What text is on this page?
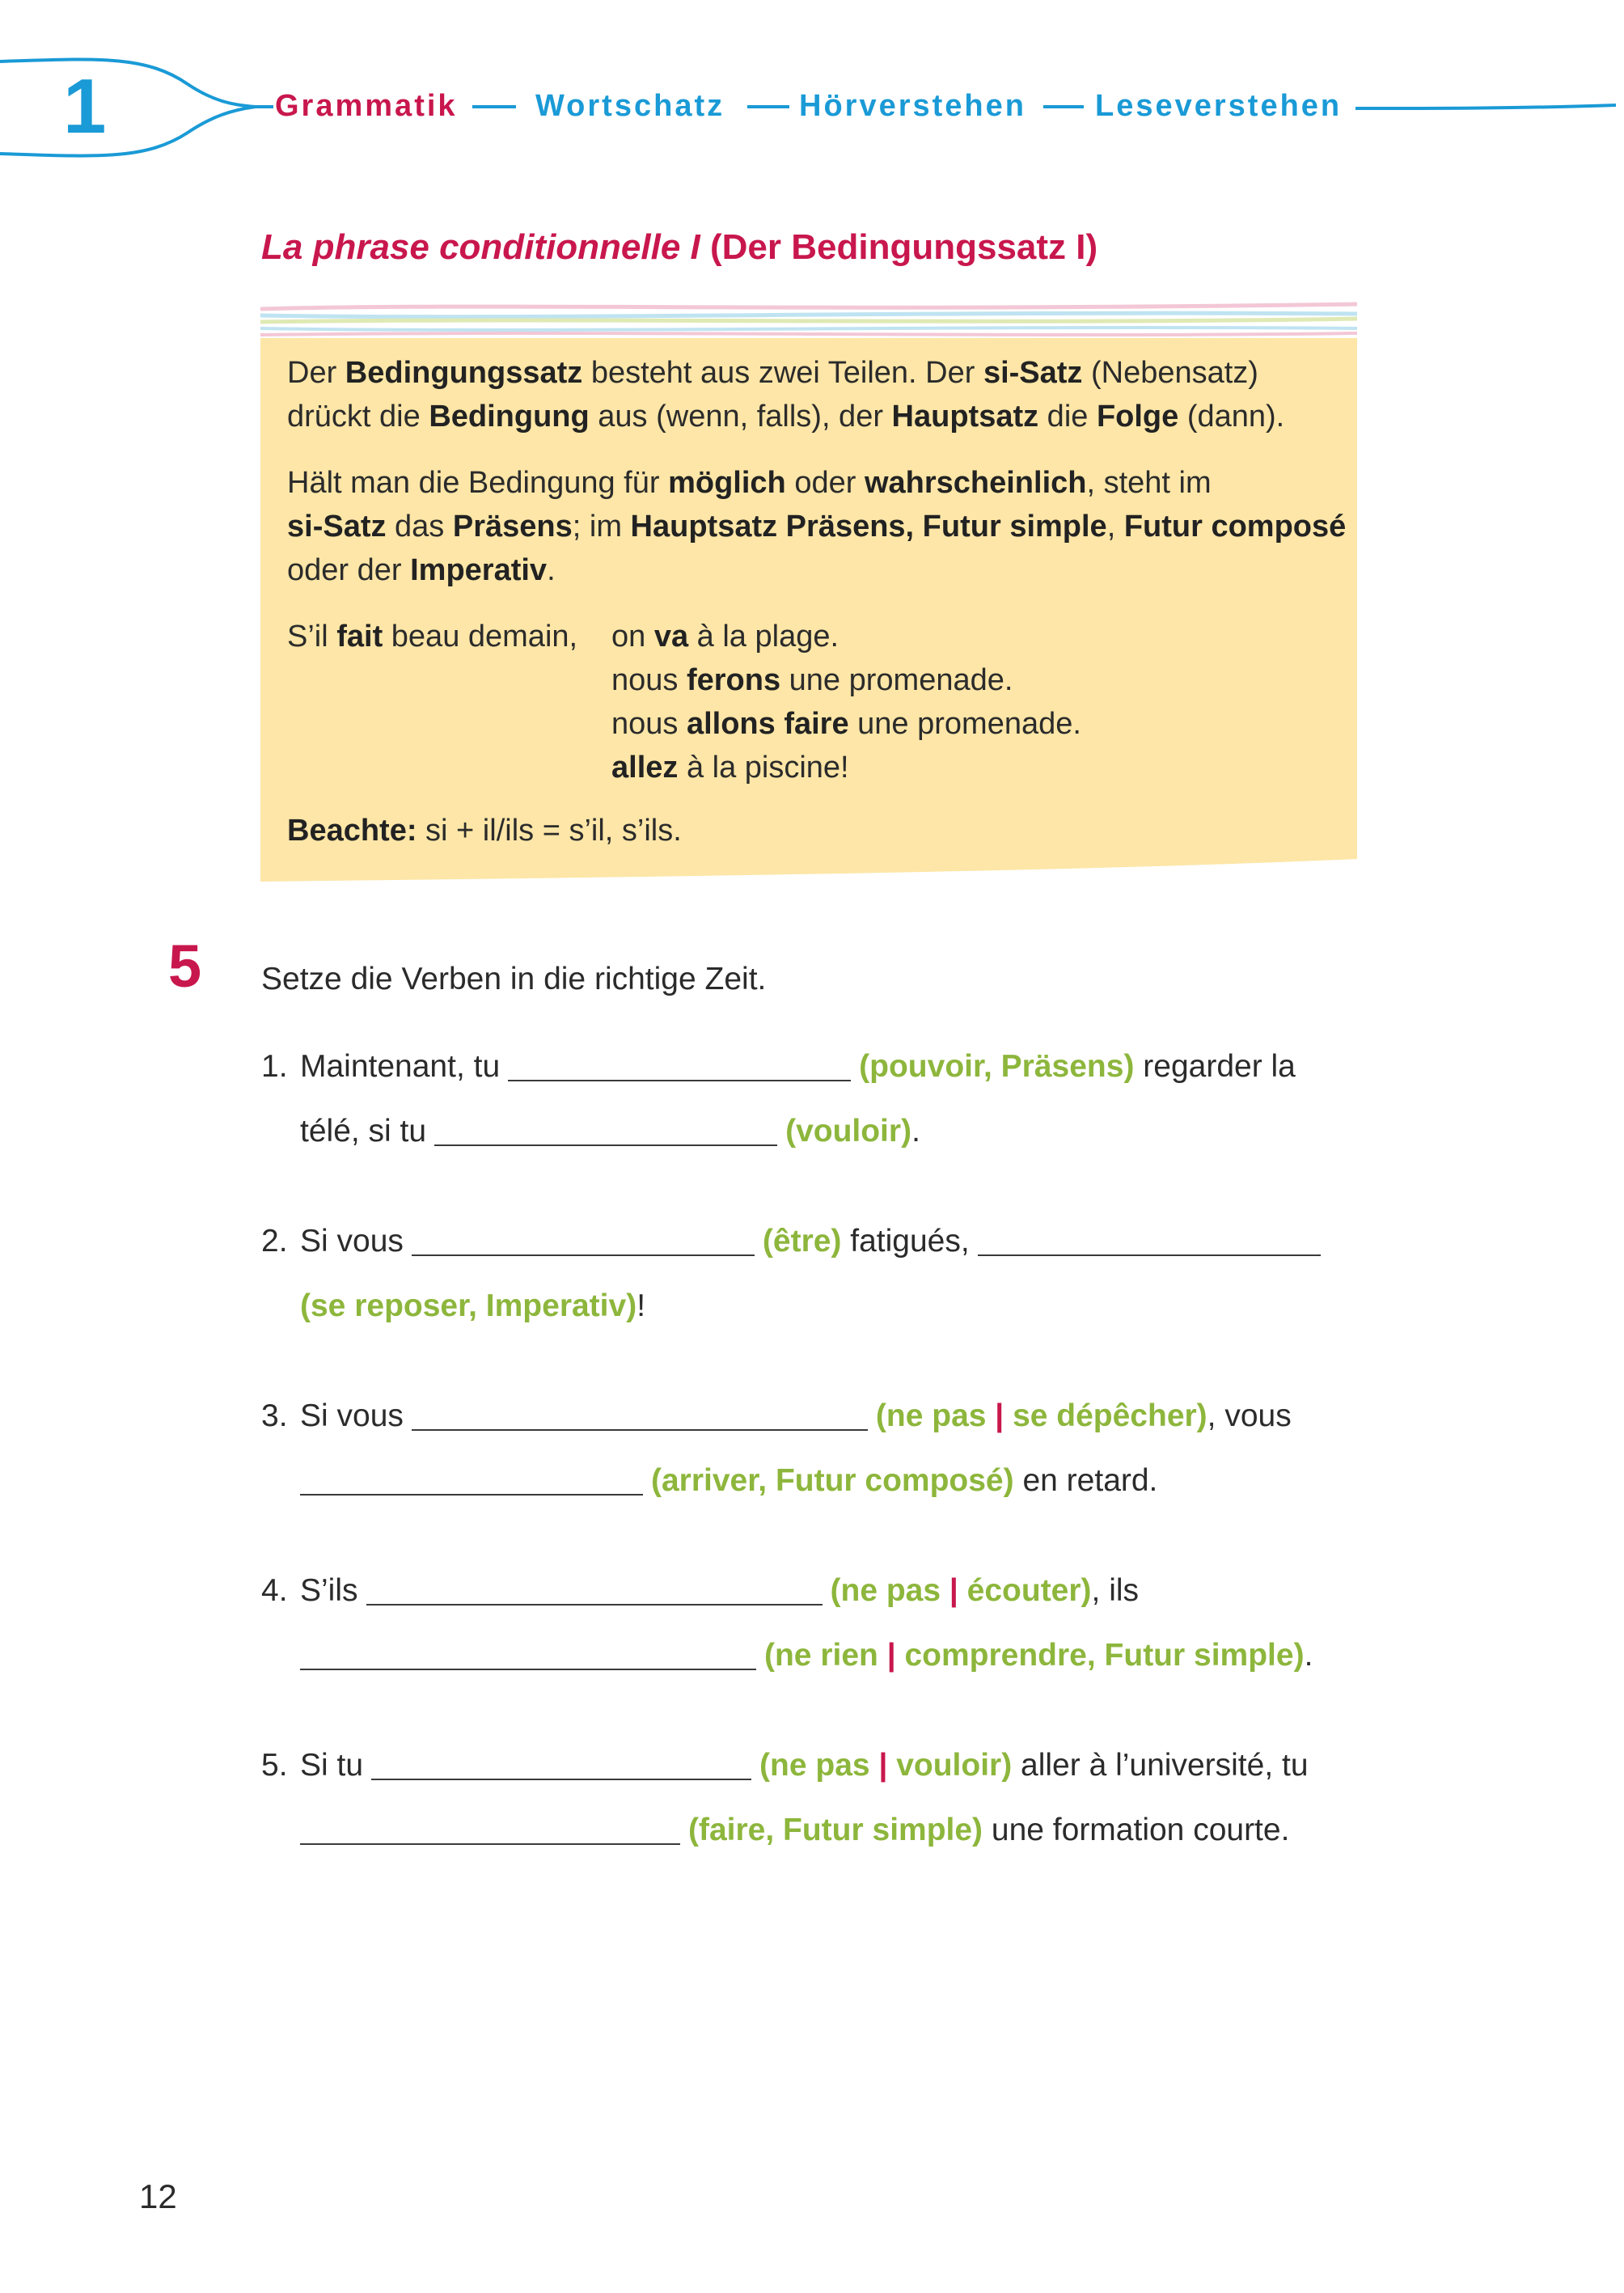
1	Grammatik	Wortschatz Hörverstehen Leseverstehen
La phrase conditionnelle I (Der Bedingungssatz I)
Der Bedingungssatz besteht aus zwei Teilen. Der si-Satz (Nebensatz)
drückt die Bedingung aus (wenn, falls), der Hauptsatz die Folge (dann).
Hält man die Bedingung für möglich oder wahrscheinlich, steht im
si-Satz das Präsens; im Hauptsatz Präsens, Futur simple, Futur composé
oder der Imperativ.
S’il fait beau demain, on va à la plage.
nous ferons une promenade.
nous allons faire une promenade.
allez à la piscine!
Beachte: si + il/ils = s’il, s’ils.
5 Setze die Verben in die richtige Zeit.
1. Maintenant, tu	(pouvoir, Präsens) regarder la
télé, si tu	(vouloir).
2. Si vous	(être) fatigués,
(se reposer, Imperativ)!
3. Si vous	(ne pas | se dépêcher), vous
(arriver, Futur composé) en retard.
4. S’ils	(ne pas | écouter), ils
(ne rien | comprendre, Futur simple).
5. Si tu	(ne pas | vouloir) aller à l’université, tu
(faire, Futur simple) une formation courte.
12
